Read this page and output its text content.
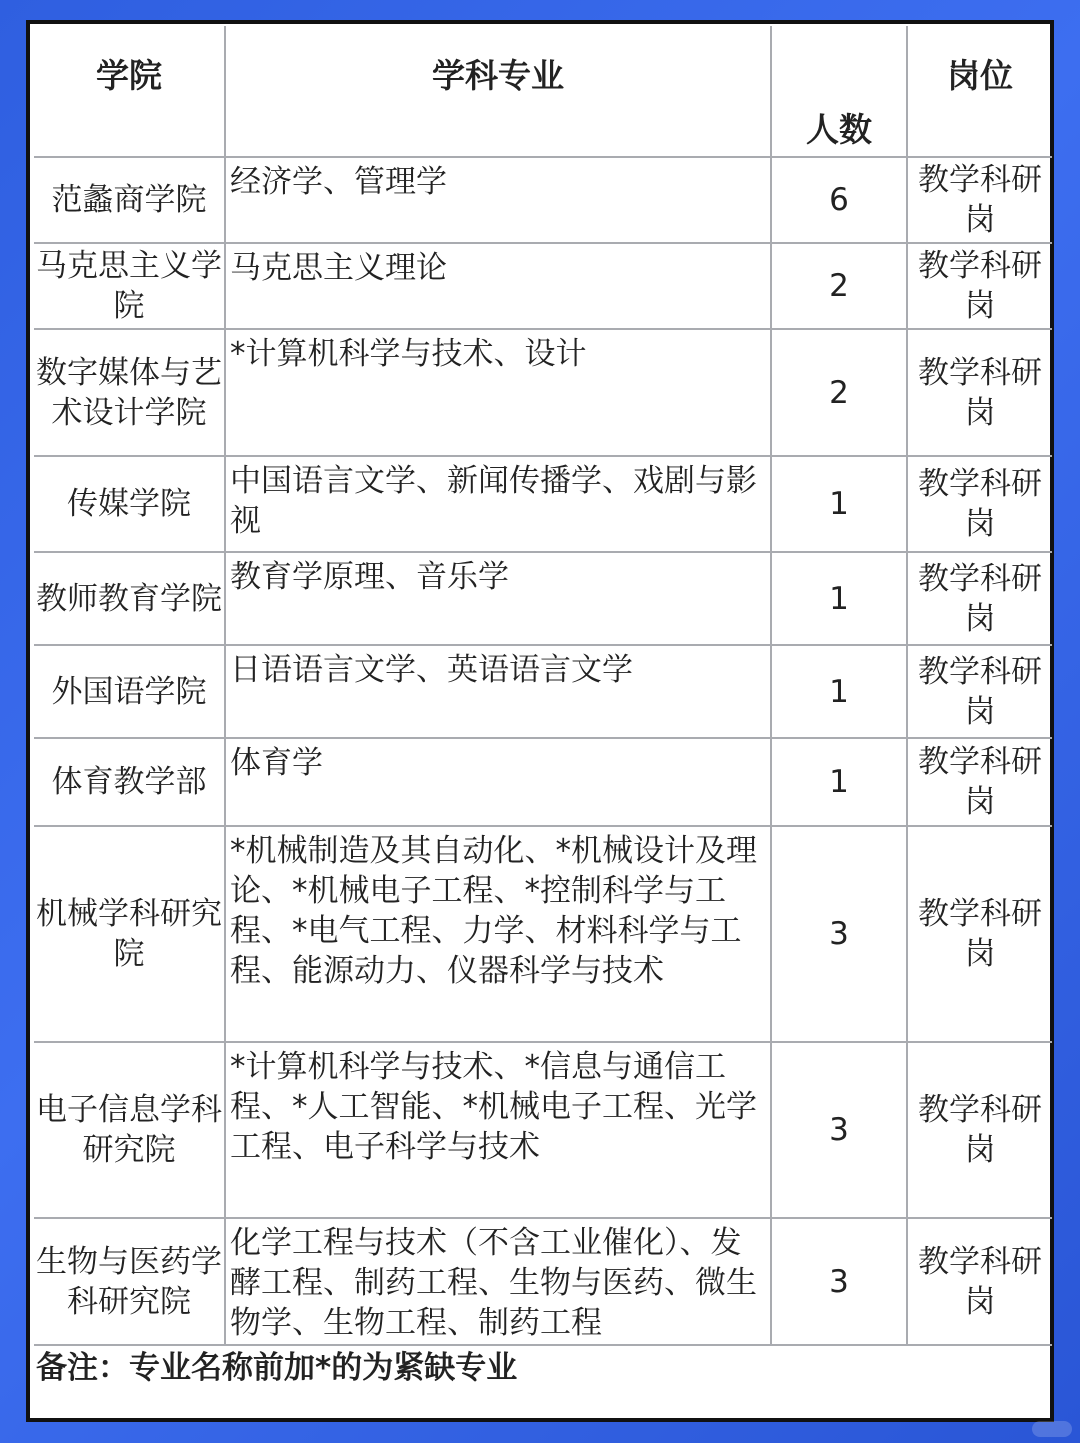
学院	学科专业	人数	岗位
范蠡商学院	经济学、管理学	6	教学科研岗
马克思主义学院	马克思主义理论	2	教学科研岗
数字媒体与艺术设计学院	*计算机科学与技术、设计	2	教学科研岗
传媒学院	中国语言文学、新闻传播学、戏剧与影视	1	教学科研岗
教师教育学院	教育学原理、音乐学	1	教学科研岗
外国语学院	日语语言文学、英语语言文学	1	教学科研岗
体育教学部	体育学	1	教学科研岗
机械学科研究院	*机械制造及其自动化、*机械设计及理论、*机械电子工程、*控制科学与工程、*电气工程、力学、材料科学与工程、能源动力、仪器科学与技术	3	教学科研岗
电子信息学科研究院	*计算机科学与技术、*信息与通信工程、*人工智能、*机械电子工程、光学工程、电子科学与技术	3	教学科研岗
生物与医药学科研究院	化学工程与技术（不含工业催化）、发酵工程、制药工程、生物与医药、微生物学、生物工程、制药工程	3	教学科研岗
备注：专业名称前加*的为紧缺专业
